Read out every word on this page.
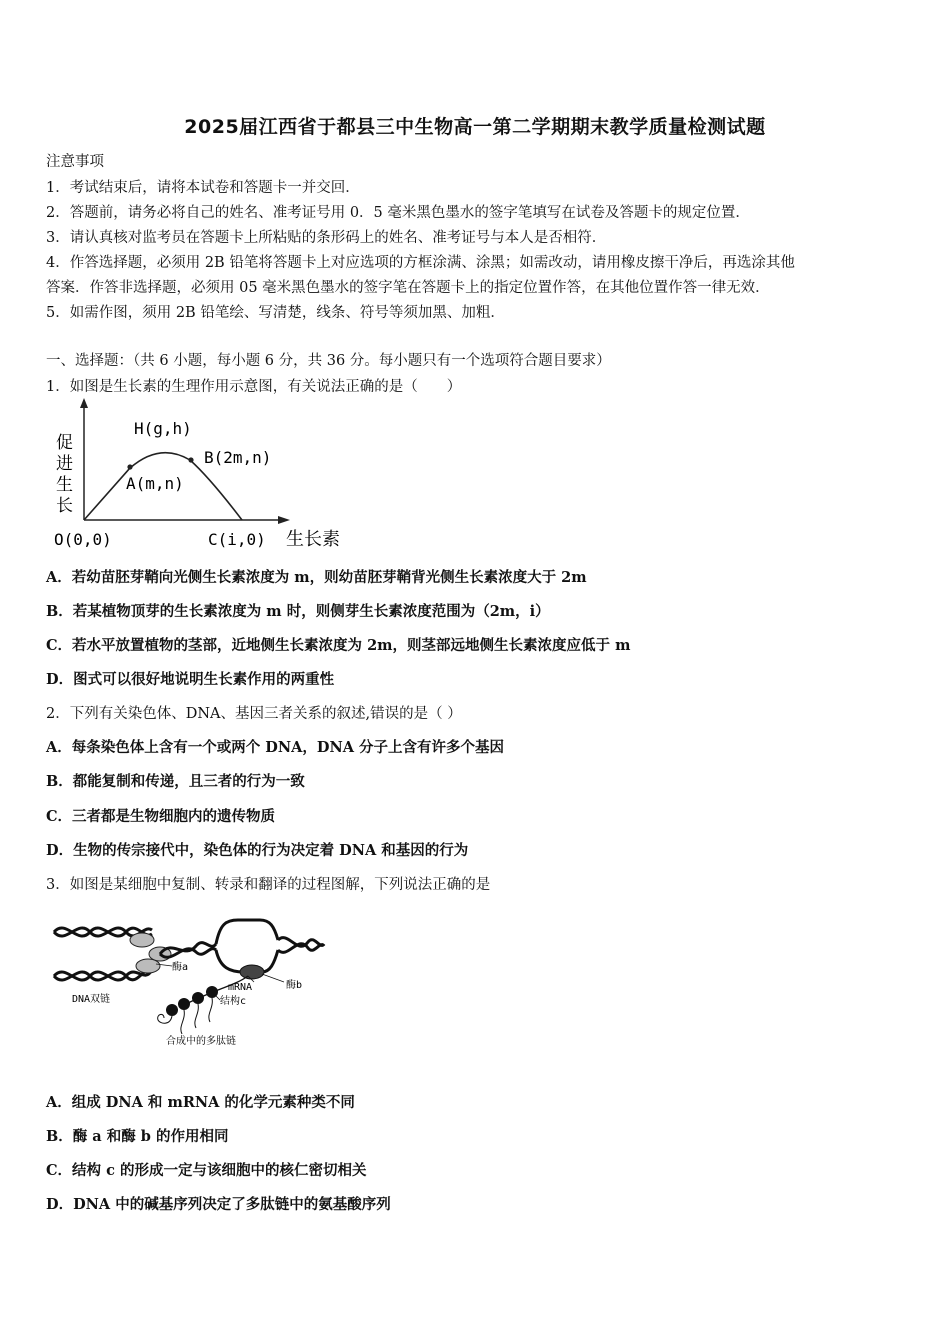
2025届江西省于都县三中生物高一第二学期期末教学质量检测试题
注意事项
1．考试结束后，请将本试卷和答题卡一并交回．
2．答题前，请务必将自己的姓名、准考证号用 0．5 毫米黑色墨水的签字笔填写在试卷及答题卡的规定位置．
3．请认真核对监考员在答题卡上所粘贴的条形码上的姓名、准考证号与本人是否相符．
4．作答选择题，必须用 2B 铅笔将答题卡上对应选项的方框涂满、涂黑；如需改动，请用橡皮擦干净后，再选涂其他
答案．作答非选择题，必须用 05 毫米黑色墨水的签字笔在答题卡上的指定位置作答，在其他位置作答一律无效．
5．如需作图，须用 2B 铅笔绘、写清楚，线条、符号等须加黑、加粗．
一、选择题：（共 6 小题，每小题 6 分，共 36 分。每小题只有一个选项符合题目要求）
1．如图是生长素的生理作用示意图，有关说法正确的是（　　）
促
进
生
长
H(g,h)
B(2m,n)
A(m,n)
O(0,0)	C(i,0) 生长素
A．若幼苗胚芽鞘向光侧生长素浓度为 m，则幼苗胚芽鞘背光侧生长素浓度大于 2m
B．若某植物顶芽的生长素浓度为 m 时，则侧芽生长素浓度范围为（2m，i）
C．若水平放置植物的茎部，近地侧生长素浓度为 2m，则茎部远地侧生长素浓度应低于 m
D．图式可以很好地说明生长素作用的两重性
2．下列有关染色体、DNA、基因三者关系的叙述,错误的是（ ）
A．每条染色体上含有一个或两个 DNA，DNA 分子上含有许多个基因
B．都能复制和传递，且三者的行为一致
C．三者都是生物细胞内的遗传物质
D．生物的传宗接代中，染色体的行为决定着 DNA 和基因的行为
3．如图是某细胞中复制、转录和翻译的过程图解，下列说法正确的是
酶a
mRNA	酶b
结构c
DNA双链
合成中的多肽链
A．组成 DNA 和 mRNA 的化学元素种类不同
B．酶 a 和酶 b 的作用相同
C．结构 c 的形成一定与该细胞中的核仁密切相关
D．DNA 中的碱基序列决定了多肽链中的氨基酸序列
